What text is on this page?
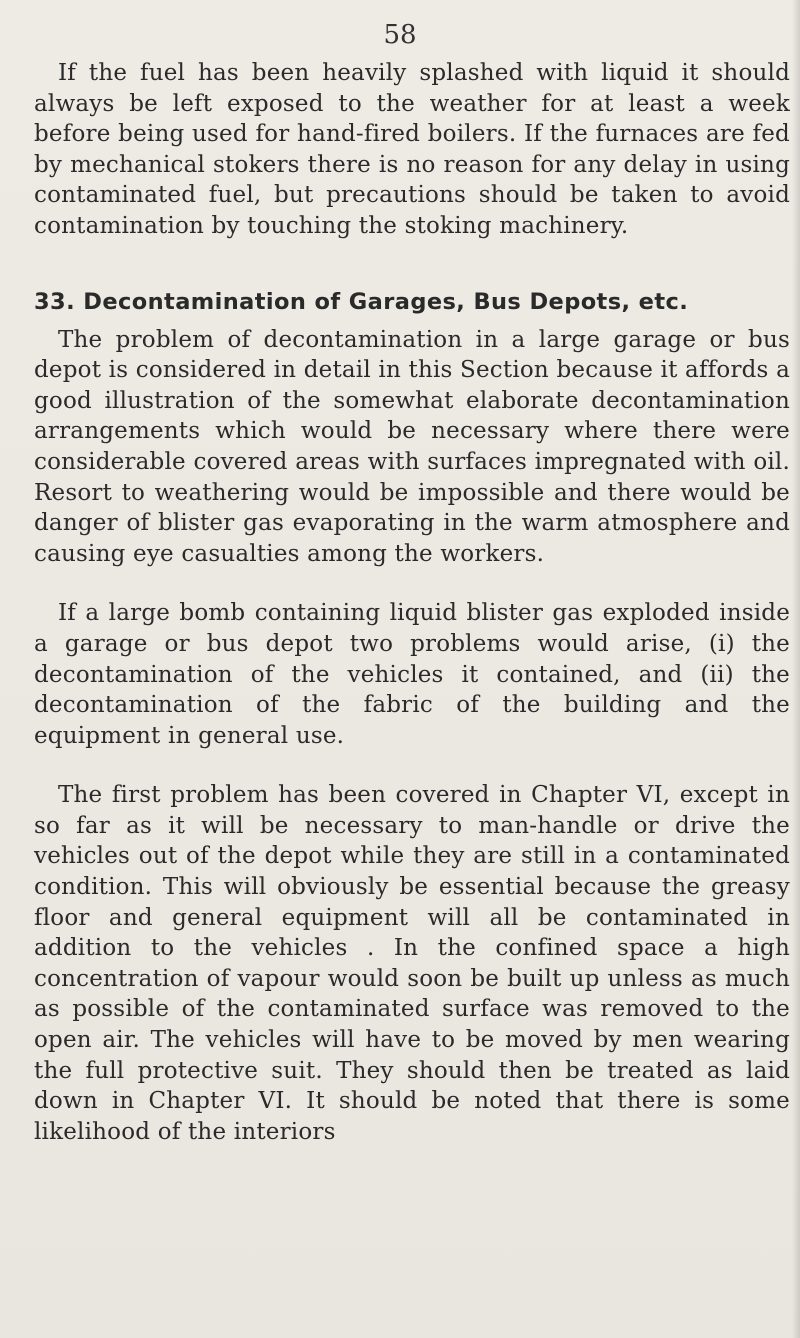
58

If the fuel has been heavily splashed with liquid it should always be left exposed to the weather for at least a week before being used for hand-fired boilers. If the furnaces are fed by mechanical stokers there is no reason for any delay in using contaminated fuel, but precautions should be taken to avoid contamination by touching the stoking machinery.

33. Decontamination of Garages, Bus Depots, etc.

The problem of decontamination in a large garage or bus depot is considered in detail in this Section because it affords a good illustration of the somewhat elaborate decontamination arrangements which would be necessary where there were considerable covered areas with surfaces impregnated with oil. Resort to weathering would be impossible and there would be danger of blister gas evaporating in the warm atmosphere and causing eye casualties among the workers.

If a large bomb containing liquid blister gas exploded inside a garage or bus depot two problems would arise, (i) the decontamination of the vehicles it contained, and (ii) the decontamination of the fabric of the building and the equipment in general use.

The first problem has been covered in Chapter VI, except in so far as it will be necessary to man-handle or drive the vehicles out of the depot while they are still in a contaminated condition. This will obviously be essential because the greasy floor and general equipment will all be contaminated in addition to the vehicles . In the confined space a high concentration of vapour would soon be built up unless as much as possible of the contaminated surface was removed to the open air. The vehicles will have to be moved by men wearing the full protective suit. They should then be treated as laid down in Chapter VI. It should be noted that there is some likelihood of the interiors
